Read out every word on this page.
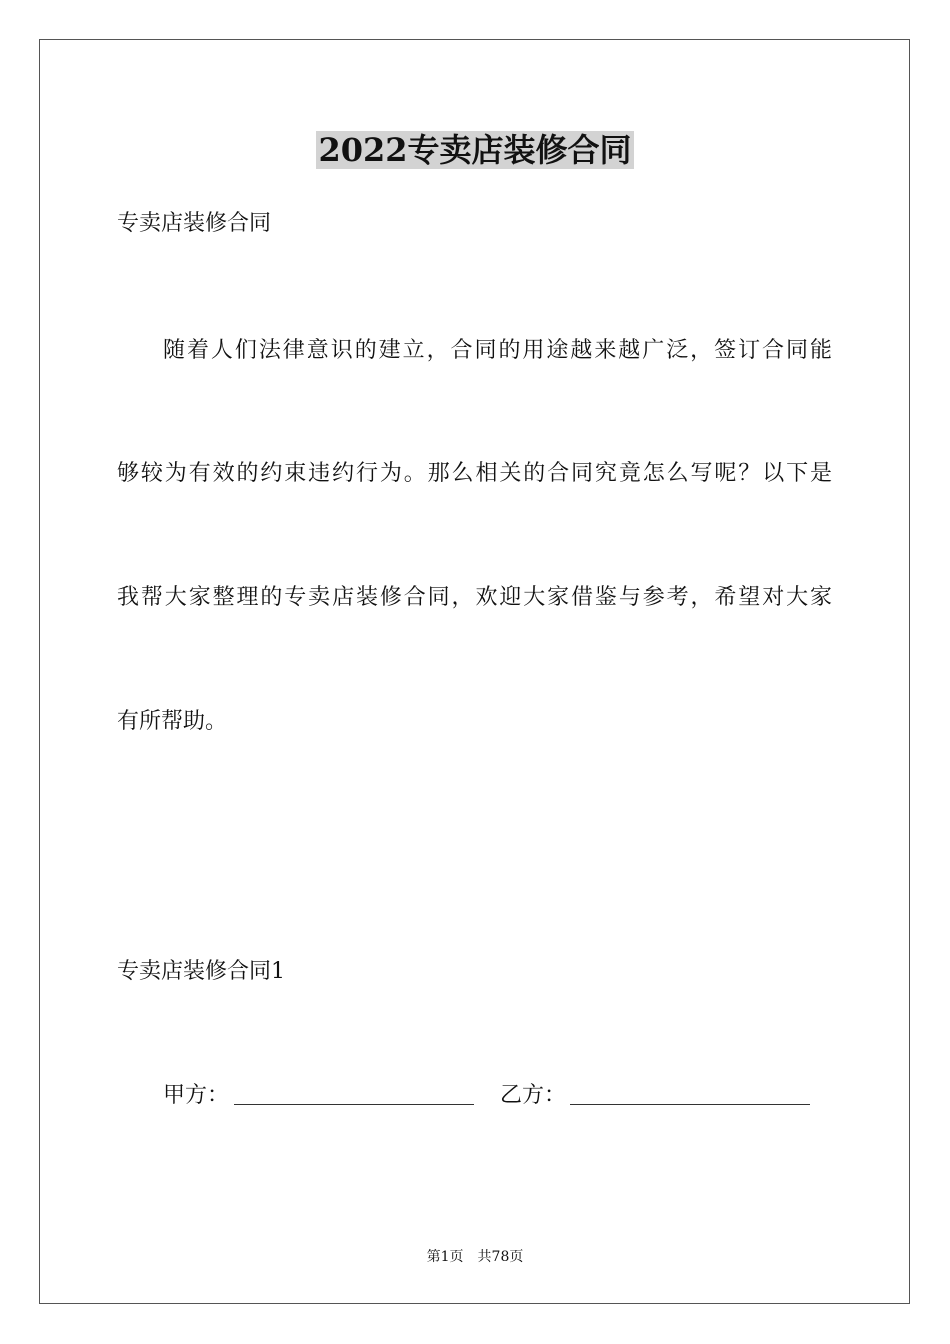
2022专卖店装修合同
专卖店装修合同
随着人们法律意识的建立，合同的用途越来越广泛，签订合同能
够较为有效的约束违约行为。那么相关的合同究竟怎么写呢？以下是
我帮大家整理的专卖店装修合同，欢迎大家借鉴与参考，希望对大家
有所帮助。
专卖店装修合同1
甲方：	乙方：
第1页 共78页
